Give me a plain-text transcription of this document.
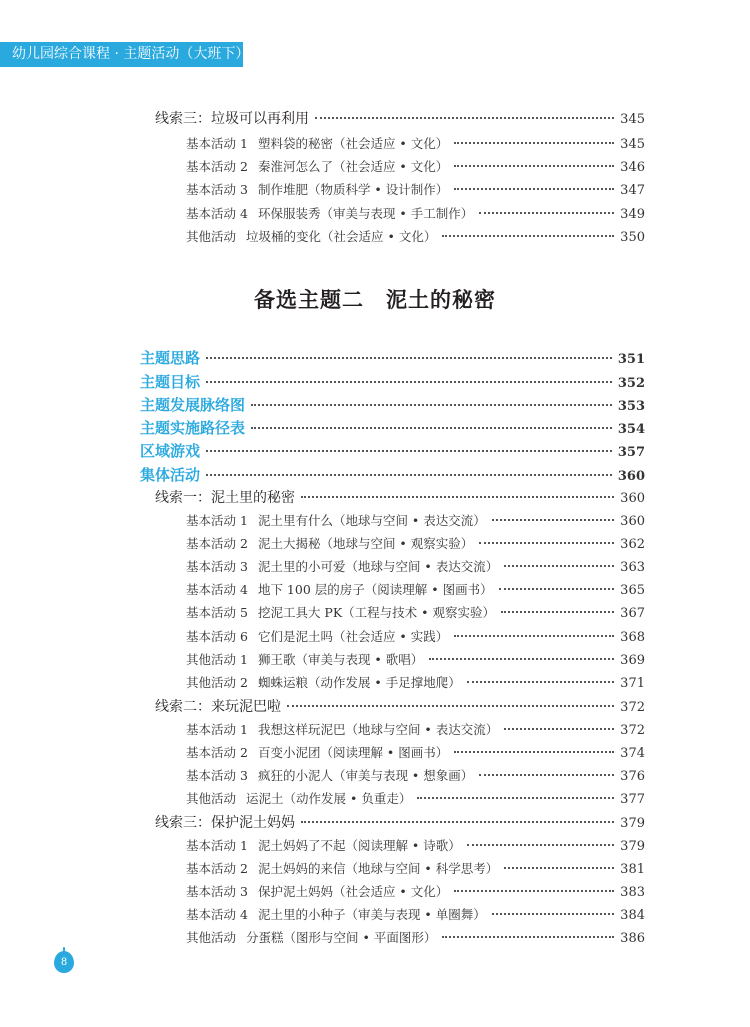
幼儿园综合课程 · 主题活动（大班下）
线索三：垃圾可以再利用	345
基本活动 1 塑料袋的秘密（社会适应 • 文化）	345
基本活动 2 秦淮河怎么了（社会适应 • 文化）	346
基本活动 3 制作堆肥（物质科学 • 设计制作）	347
基本活动 4 环保服装秀（审美与表现 • 手工制作）	349
其他活动 垃圾桶的变化（社会适应 • 文化）	350
备选主题二 泥土的秘密
主题思路	351
主题目标	352
主题发展脉络图	353
主题实施路径表	354
区域游戏	357
集体活动	360
线索一：泥土里的秘密	360
基本活动 1 泥土里有什么（地球与空间 • 表达交流）	360
基本活动 2 泥土大揭秘（地球与空间 • 观察实验）	362
基本活动 3 泥土里的小可爱（地球与空间 • 表达交流）	363
基本活动 4 地下 100 层的房子（阅读理解 • 图画书）	365
基本活动 5 挖泥工具大 PK（工程与技术 • 观察实验）	367
基本活动 6 它们是泥土吗（社会适应 • 实践）	368
其他活动 1 狮王歌（审美与表现 • 歌唱）	369
其他活动 2 蜘蛛运粮（动作发展 • 手足撑地爬）	371
线索二：来玩泥巴啦	372
基本活动 1 我想这样玩泥巴（地球与空间 • 表达交流）	372
基本活动 2 百变小泥团（阅读理解 • 图画书）	374
基本活动 3 疯狂的小泥人（审美与表现 • 想象画）	376
其他活动 运泥土（动作发展 • 负重走）	377
线索三：保护泥土妈妈	379
基本活动 1 泥土妈妈了不起（阅读理解 • 诗歌）	379
基本活动 2 泥土妈妈的来信（地球与空间 • 科学思考）	381
基本活动 3 保护泥土妈妈（社会适应 • 文化）	383
基本活动 4 泥土里的小种子（审美与表现 • 单圈舞）	384
其他活动 分蛋糕（图形与空间 • 平面图形）	386
8
